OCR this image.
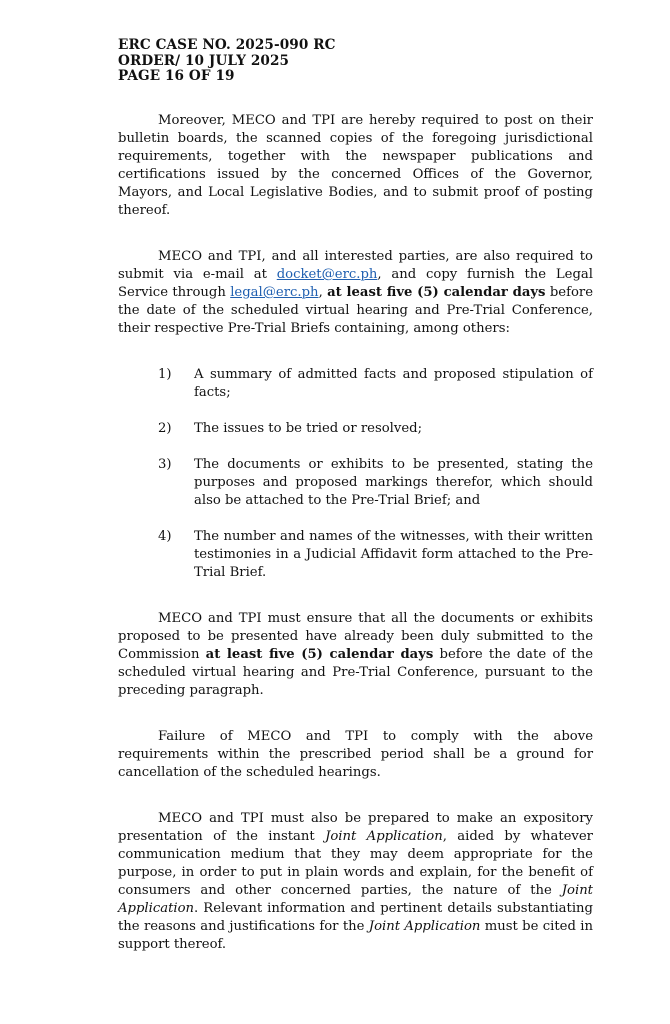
ERC CASE NO. 2025-090 RC
ORDER/ 10 JULY 2025
PAGE 16 OF 19

Moreover, MECO and TPI are hereby required to post on their bulletin boards, the scanned copies of the foregoing jurisdictional requirements, together with the newspaper publications and certifications issued by the concerned Offices of the Governor, Mayors, and Local Legislative Bodies, and to submit proof of posting thereof.

MECO and TPI, and all interested parties, are also required to submit via e-mail at docket@erc.ph, and copy furnish the Legal Service through legal@erc.ph, at least five (5) calendar days before the date of the scheduled virtual hearing and Pre-Trial Conference, their respective Pre-Trial Briefs containing, among others:

1)	A summary of admitted facts and proposed stipulation of facts;
2)	The issues to be tried or resolved;
3)	The documents or exhibits to be presented, stating the purposes and proposed markings therefor, which should also be attached to the Pre-Trial Brief; and
4)	The number and names of the witnesses, with their written testimonies in a Judicial Affidavit form attached to the Pre-Trial Brief.

MECO and TPI must ensure that all the documents or exhibits proposed to be presented have already been duly submitted to the Commission at least five (5) calendar days before the date of the scheduled virtual hearing and Pre-Trial Conference, pursuant to the preceding paragraph.

Failure of MECO and TPI to comply with the above requirements within the prescribed period shall be a ground for cancellation of the scheduled hearings.

MECO and TPI must also be prepared to make an expository presentation of the instant Joint Application, aided by whatever communication medium that they may deem appropriate for the purpose, in order to put in plain words and explain, for the benefit of consumers and other concerned parties, the nature of the Joint Application. Relevant information and pertinent details substantiating the reasons and justifications for the Joint Application must be cited in support thereof.
